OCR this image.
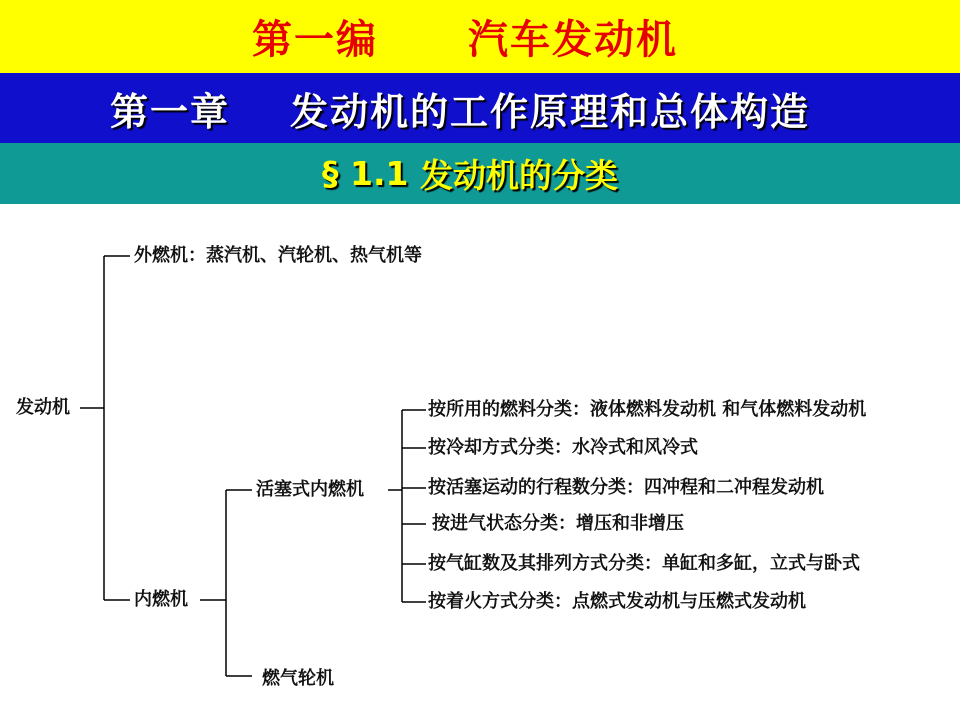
第一编 汽车发动机
第一章 发动机的工作原理和总体构造
§ 1.1 发动机的分类
发动机
外燃机：蒸汽机、汽轮机、热气机等
内燃机
活塞式内燃机
燃气轮机
按所用的燃料分类：液体燃料发动机 和气体燃料发动机
按冷却方式分类：水冷式和风冷式
按活塞运动的行程数分类：四冲程和二冲程发动机
按进气状态分类：增压和非增压
按气缸数及其排列方式分类：单缸和多缸，立式与卧式
按着火方式分类：点燃式发动机与压燃式发动机
